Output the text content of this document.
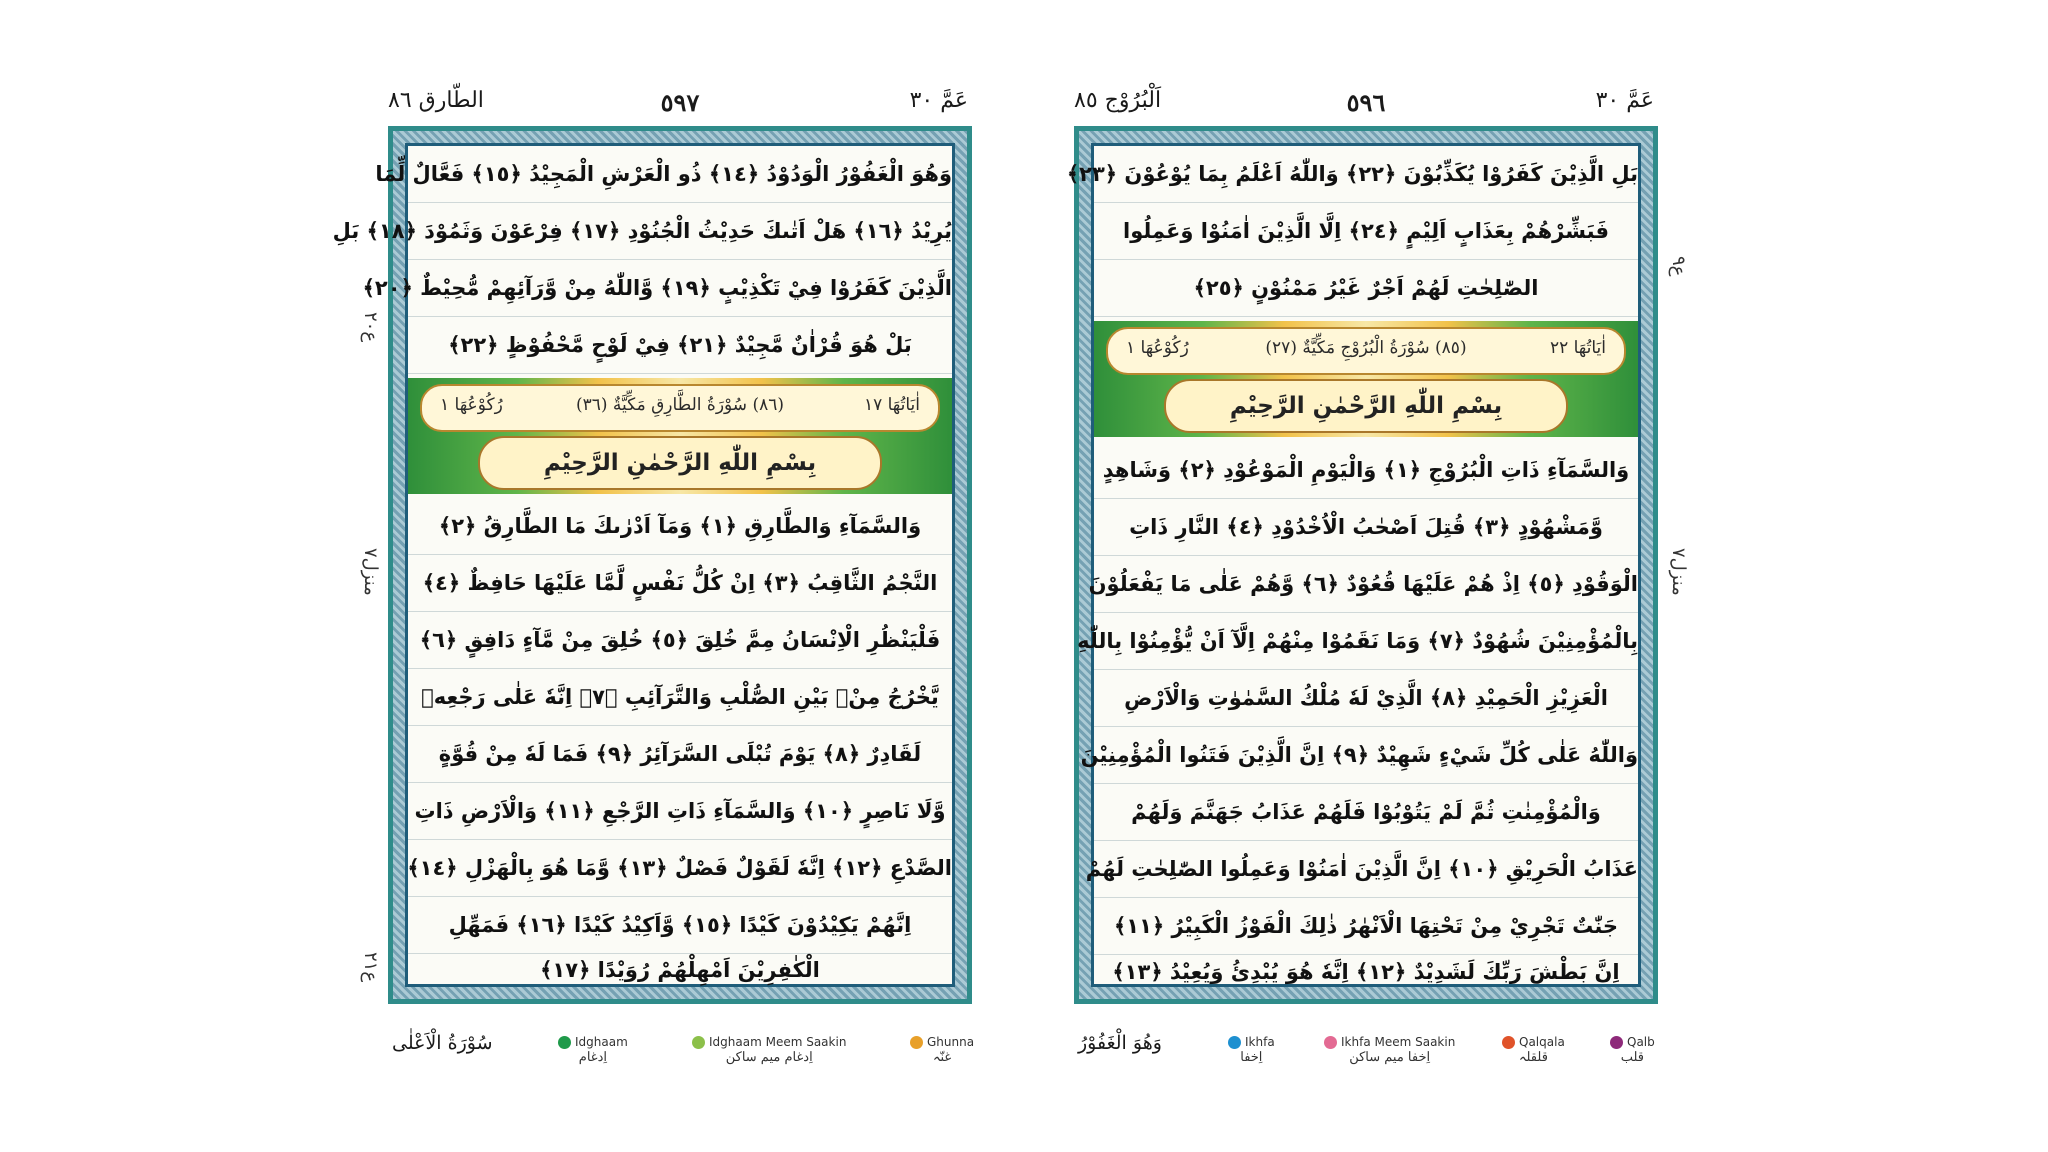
عَمَّ ٣٠
٥٩٧
الطّارق ٨٦
وَهُوَ الْغَفُوْرُ الْوَدُوْدُ ﴿١٤﴾ ذُو الْعَرْشِ الْمَجِيْدُ ﴿١٥﴾ فَعَّالٌ لِّمَا
يُرِيْدُ ﴿١٦﴾ هَلْ اَتٰىكَ حَدِيْثُ الْجُنُوْدِ ﴿١٧﴾ فِرْعَوْنَ وَثَمُوْدَ ﴿١٨﴾ بَلِ
الَّذِيْنَ كَفَرُوْا فِيْ تَكْذِيْبٍ ﴿١٩﴾ وَّاللّٰهُ مِنْ وَّرَآئِهِمْ مُّحِيْطٌ ﴿٢٠﴾
بَلْ هُوَ قُرْاٰنٌ مَّجِيْدٌ ﴿٢١﴾ فِيْ لَوْحٍ مَّحْفُوْظٍ ﴿٢٢﴾
اٰيَاتُهَا ١٧
(٨٦) سُوْرَةُ الطَّارِقِ مَكِّيَّةٌ (٣٦)
رُكُوْعُهَا ١
بِسْمِ اللّٰهِ الرَّحْمٰنِ الرَّحِيْمِ
وَالسَّمَآءِ وَالطَّارِقِ ﴿١﴾ وَمَآ اَدْرٰىكَ مَا الطَّارِقُ ﴿٢﴾
النَّجْمُ الثَّاقِبُ ﴿٣﴾ اِنْ كُلُّ نَفْسٍ لَّمَّا عَلَيْهَا حَافِظٌ ﴿٤﴾
فَلْيَنْظُرِ الْاِنْسَانُ مِمَّ خُلِقَ ﴿٥﴾ خُلِقَ مِنْ مَّآءٍ دَافِقٍ ﴿٦﴾
يَّخْرُجُ مِنْۢ بَيْنِ الصُّلْبِ وَالتَّرَآئِبِ ﴿٧﴾ اِنَّهٗ عَلٰى رَجْعِهٖ
لَقَادِرٌ ﴿٨﴾ يَوْمَ تُبْلَى السَّرَآئِرُ ﴿٩﴾ فَمَا لَهٗ مِنْ قُوَّةٍ
وَّلَا نَاصِرٍ ﴿١٠﴾ وَالسَّمَآءِ ذَاتِ الرَّجْعِ ﴿١١﴾ وَالْاَرْضِ ذَاتِ
الصَّدْعِ ﴿١٢﴾ اِنَّهٗ لَقَوْلٌ فَصْلٌ ﴿١٣﴾ وَّمَا هُوَ بِالْهَزْلِ ﴿١٤﴾
اِنَّهُمْ يَكِيْدُوْنَ كَيْدًا ﴿١٥﴾ وَّاَكِيْدُ كَيْدًا ﴿١٦﴾ فَمَهِّلِ
الْكٰفِرِيْنَ اَمْهِلْهُمْ رُوَيْدًا ﴿١٧﴾
ع٢٠
منزل٧
ع٢١
سُوْرَةُ الْاَعْلٰى	Idghaam
اِدغام
Idghaam Meem Saakin
اِدغام میم ساکن
Ghunna
غنّہ
عَمَّ ٣٠
٥٩٦
اَلْبُرُوْج ٨٥
بَلِ الَّذِيْنَ كَفَرُوْا يُكَذِّبُوْنَ ﴿٢٢﴾ وَاللّٰهُ اَعْلَمُ بِمَا يُوْعُوْنَ ﴿٢٣﴾
فَبَشِّرْهُمْ بِعَذَابٍ اَلِيْمٍ ﴿٢٤﴾ اِلَّا الَّذِيْنَ اٰمَنُوْا وَعَمِلُوا
الصّٰلِحٰتِ لَهُمْ اَجْرٌ غَيْرُ مَمْنُوْنٍ ﴿٢٥﴾
اٰيَاتُهَا ٢٢
(٨٥) سُوْرَةُ الْبُرُوْجِ مَكِّيَّةٌ (٢٧)
رُكُوْعُهَا ١
بِسْمِ اللّٰهِ الرَّحْمٰنِ الرَّحِيْمِ
وَالسَّمَآءِ ذَاتِ الْبُرُوْجِ ﴿١﴾ وَالْيَوْمِ الْمَوْعُوْدِ ﴿٢﴾ وَشَاهِدٍ
وَّمَشْهُوْدٍ ﴿٣﴾ قُتِلَ اَصْحٰبُ الْاُخْدُوْدِ ﴿٤﴾ النَّارِ ذَاتِ
الْوَقُوْدِ ﴿٥﴾ اِذْ هُمْ عَلَيْهَا قُعُوْدٌ ﴿٦﴾ وَّهُمْ عَلٰى مَا يَفْعَلُوْنَ
بِالْمُؤْمِنِيْنَ شُهُوْدٌ ﴿٧﴾ وَمَا نَقَمُوْا مِنْهُمْ اِلَّآ اَنْ يُّؤْمِنُوْا بِاللّٰهِ
الْعَزِيْزِ الْحَمِيْدِ ﴿٨﴾ الَّذِيْ لَهٗ مُلْكُ السَّمٰوٰتِ وَالْاَرْضِ
وَاللّٰهُ عَلٰى كُلِّ شَيْءٍ شَهِيْدٌ ﴿٩﴾ اِنَّ الَّذِيْنَ فَتَنُوا الْمُؤْمِنِيْنَ
وَالْمُؤْمِنٰتِ ثُمَّ لَمْ يَتُوْبُوْا فَلَهُمْ عَذَابُ جَهَنَّمَ وَلَهُمْ
عَذَابُ الْحَرِيْقِ ﴿١٠﴾ اِنَّ الَّذِيْنَ اٰمَنُوْا وَعَمِلُوا الصّٰلِحٰتِ لَهُمْ
جَنّٰتٌ تَجْرِيْ مِنْ تَحْتِهَا الْاَنْهٰرُ ذٰلِكَ الْفَوْزُ الْكَبِيْرُ ﴿١١﴾
اِنَّ بَطْشَ رَبِّكَ لَشَدِيْدٌ ﴿١٢﴾ اِنَّهٗ هُوَ يُبْدِئُ وَيُعِيْدُ ﴿١٣﴾
ع٩
منزل٧
وَهُوَ الْغَفُوْرُ	Ikhfa
اِخفا
Ikhfa Meem Saakin
اِخفا میم ساکن
Qalqala
قلقلہ
Qalb
قلب
